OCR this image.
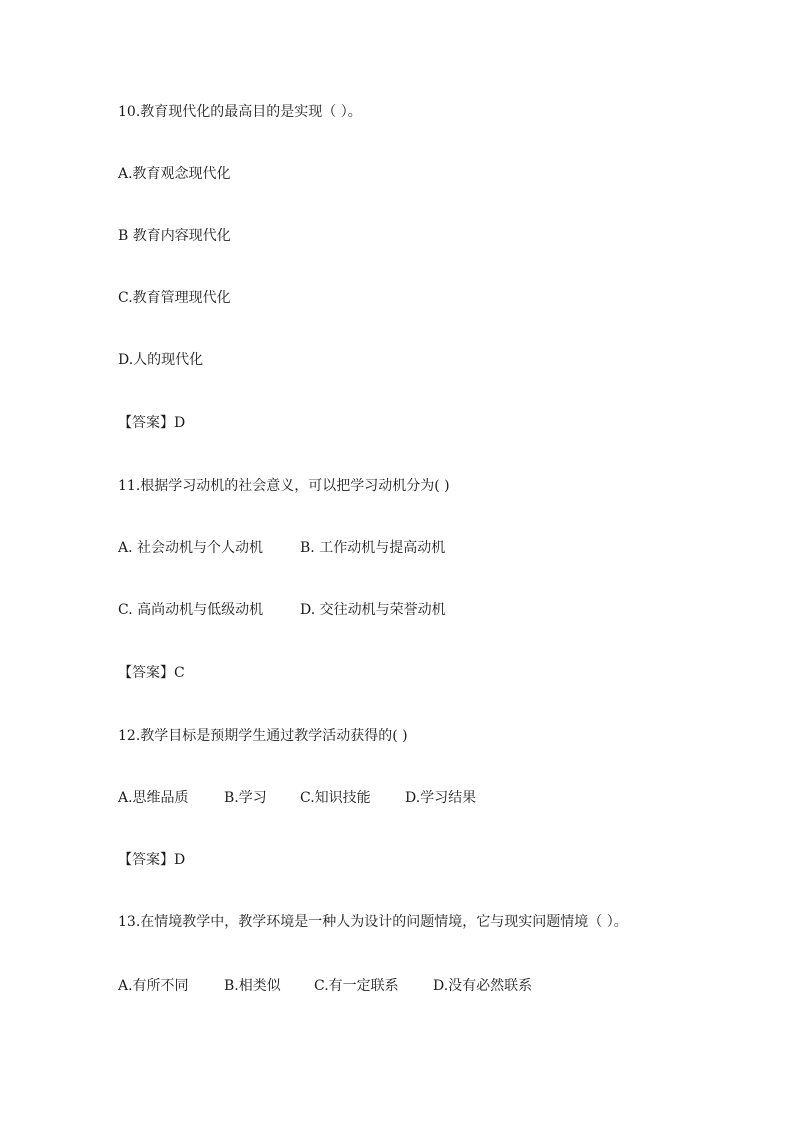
10.教育现代化的最高目的是实现（ ）。
A.教育观念现代化
B 教育内容现代化
C.教育管理现代化
D.人的现代化
【答案】D
11.根据学习动机的社会意义，可以把学习动机分为( )
A. 社会动机与个人动机	B. 工作动机与提高动机
C. 高尚动机与低级动机	D. 交往动机与荣誉动机
【答案】C
12.教学目标是预期学生通过教学活动获得的( )
A.思维品质	B.学习 C.知识技能 D.学习结果
【答案】D
13.在情境教学中，教学环境是一种人为设计的问题情境，它与现实问题情境（ ）。
A.有所不同	B.相类似 C.有一定联系 D.没有必然联系
